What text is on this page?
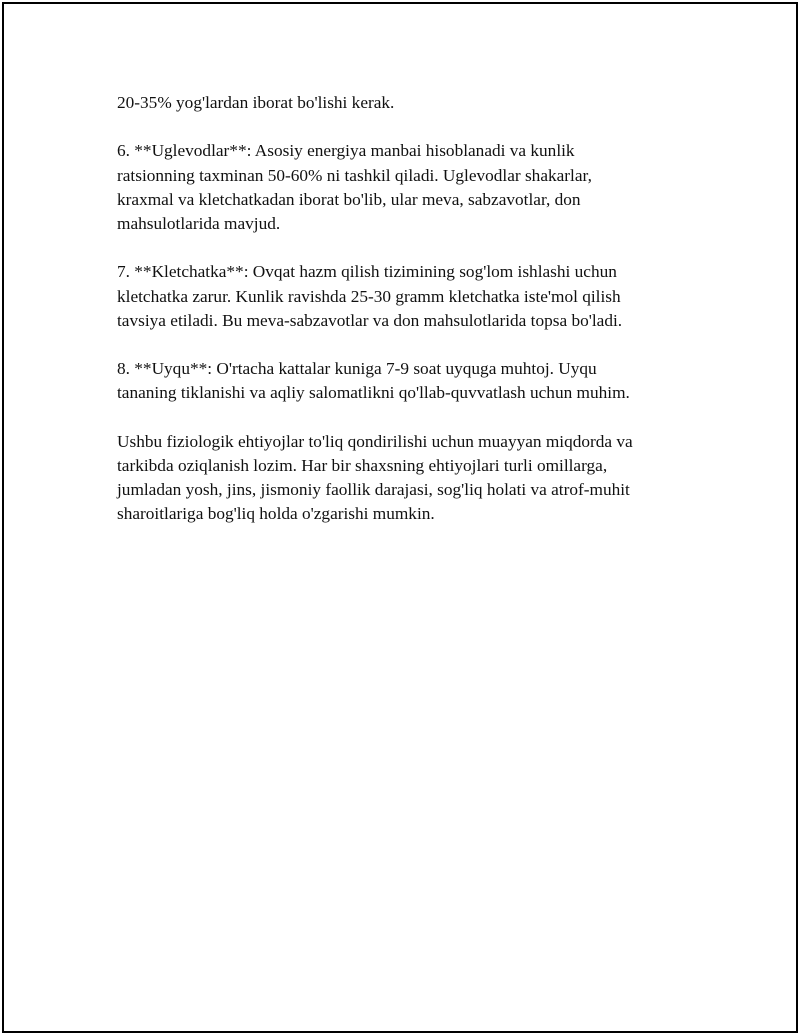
20-35% yog'lardan iborat bo'lishi kerak.

6. **Uglevodlar**: Asosiy energiya manbai hisoblanadi va kunlik
ratsionning taxminan 50-60% ni tashkil qiladi. Uglevodlar shakarlar,
kraxmal va kletchatkadan iborat bo'lib, ular meva, sabzavotlar, don
mahsulotlarida mavjud.

7. **Kletchatka**: Ovqat hazm qilish tizimining sog'lom ishlashi uchun
kletchatka zarur. Kunlik ravishda 25-30 gramm kletchatka iste'mol qilish
tavsiya etiladi. Bu meva-sabzavotlar va don mahsulotlarida topsa bo'ladi.

8. **Uyqu**: O'rtacha kattalar kuniga 7-9 soat uyquga muhtoj. Uyqu
tananing tiklanishi va aqliy salomatlikni qo'llab-quvvatlash uchun muhim.

Ushbu fiziologik ehtiyojlar to'liq qondirilishi uchun muayyan miqdorda va
tarkibda oziqlanish lozim. Har bir shaxsning ehtiyojlari turli omillarga,
jumladan yosh, jins, jismoniy faollik darajasi, sog'liq holati va atrof-muhit
sharoitlariga bog'liq holda o'zgarishi mumkin.
